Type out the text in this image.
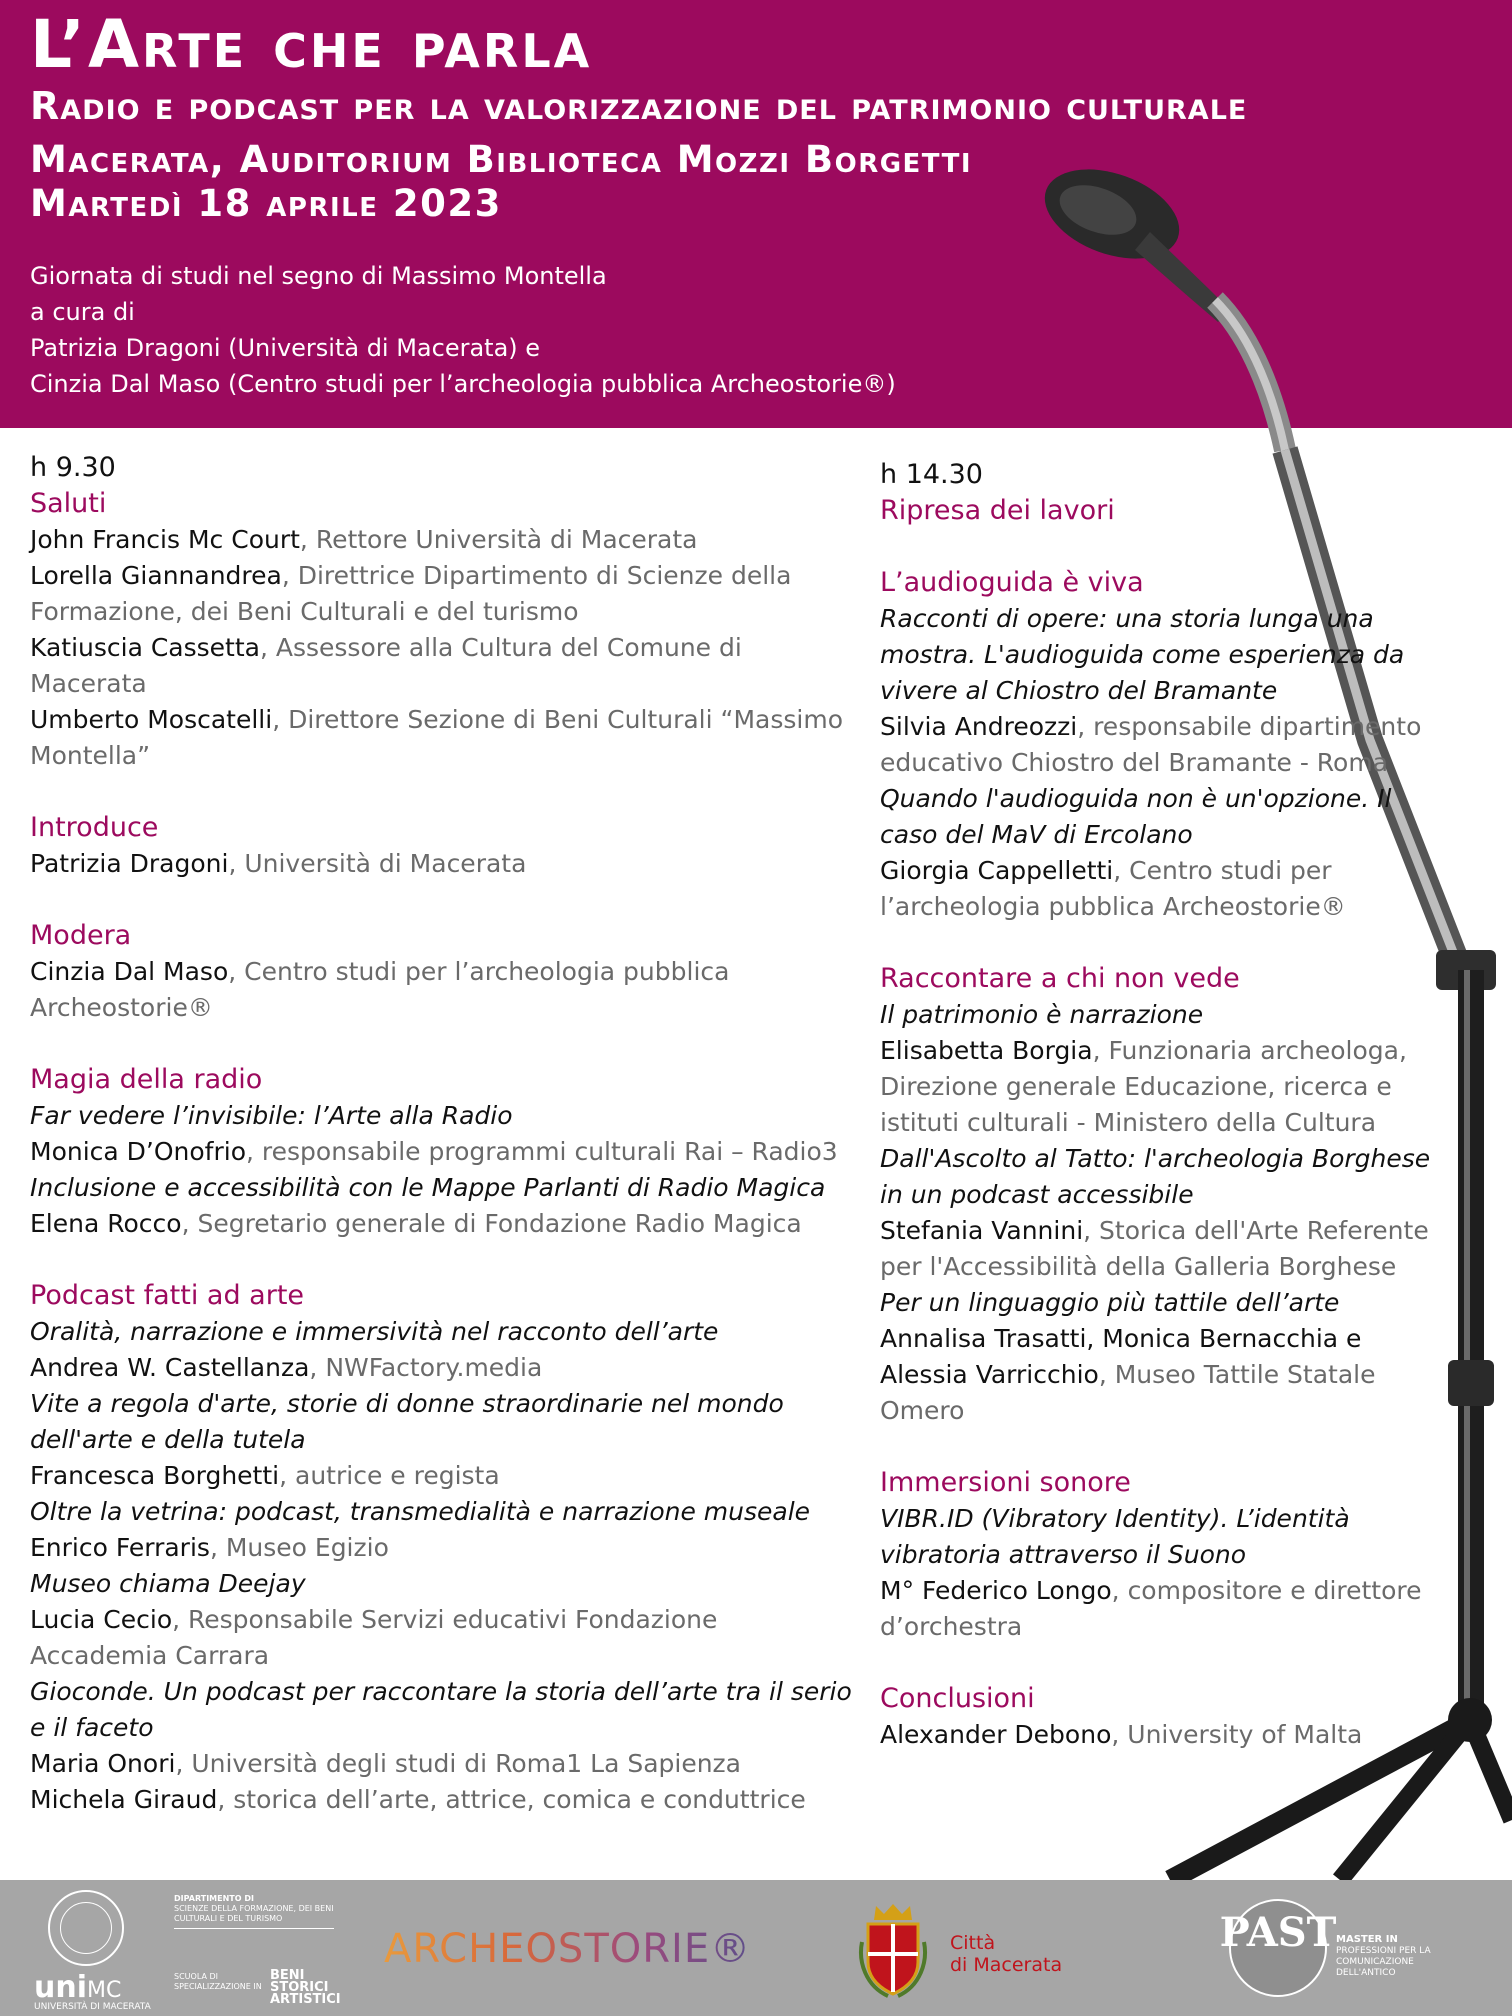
L’Arte che parla
Radio e podcast per la valorizzazione del patrimonio culturale
Macerata, Auditorium Biblioteca Mozzi Borgetti
Martedì 18 aprile 2023
Giornata di studi nel segno di Massimo Montella
a cura di
Patrizia Dragoni (Università di Macerata) e
Cinzia Dal Maso (Centro studi per l’archeologia pubblica Archeostorie®)
h 9.30
Saluti
John Francis Mc Court, Rettore Università di Macerata
Lorella Giannandrea, Direttrice Dipartimento di Scienze della
Formazione, dei Beni Culturali e del turismo
Katiuscia Cassetta, Assessore alla Cultura del Comune di
Macerata
Umberto Moscatelli, Direttore Sezione di Beni Culturali “Massimo
Montella”
Introduce
Patrizia Dragoni, Università di Macerata
Modera
Cinzia Dal Maso, Centro studi per l’archeologia pubblica
Archeostorie®
Magia della radio
Far vedere l’invisibile: l’Arte alla Radio
Monica D’Onofrio, responsabile programmi culturali Rai – Radio3
Inclusione e accessibilità con le Mappe Parlanti di Radio Magica
Elena Rocco, Segretario generale di Fondazione Radio Magica
Podcast fatti ad arte
Oralità, narrazione e immersività nel racconto dell’arte
Andrea W. Castellanza, NWFactory.media
Vite a regola d'arte, storie di donne straordinarie nel mondo
dell'arte e della tutela
Francesca Borghetti, autrice e regista
Oltre la vetrina: podcast, transmedialità e narrazione museale
Enrico Ferraris, Museo Egizio
Museo chiama Deejay
Lucia Cecio, Responsabile Servizi educativi Fondazione
Accademia Carrara
Gioconde. Un podcast per raccontare la storia dell’arte tra il serio
e il faceto
Maria Onori, Università degli studi di Roma1 La Sapienza
Michela Giraud, storica dell’arte, attrice, comica e conduttrice
h 14.30
Ripresa dei lavori
L’audioguida è viva
Racconti di opere: una storia lunga una
mostra. L'audioguida come esperienza da
vivere al Chiostro del Bramante
Silvia Andreozzi, responsabile dipartimento
educativo Chiostro del Bramante - Roma
Quando l'audioguida non è un'opzione. Il
caso del MaV di Ercolano
Giorgia Cappelletti, Centro studi per
l’archeologia pubblica Archeostorie®
Raccontare a chi non vede
Il patrimonio è narrazione
Elisabetta Borgia, Funzionaria archeologa,
Direzione generale Educazione, ricerca e
istituti culturali - Ministero della Cultura
Dall'Ascolto al Tatto: l'archeologia Borghese
in un podcast accessibile
Stefania Vannini, Storica dell'Arte Referente
per l'Accessibilità della Galleria Borghese
Per un linguaggio più tattile dell’arte
Annalisa Trasatti, Monica Bernacchia e
Alessia Varricchio, Museo Tattile Statale
Omero
Immersioni sonore
VIBR.ID (Vibratory Identity). L’identità
vibratoria attraverso il Suono
M° Federico Longo, compositore e direttore
d’orchestra
Conclusioni
Alexander Debono, University of Malta
uniMC
UNIVERSITÀ DI MACERATA
DIPARTIMENTO DI
SCIENZE DELLA FORMAZIONE, DEI BENI CULTURALI E DEL TURISMO
SCUOLA DI SPECIALIZZAZIONE IN
BENI STORICI ARTISTICI
ARCHEOSTORIE®	Città
di Macerata
PAST MASTER IN
PROFESSIONI PER LA COMUNICAZIONE DELL'ANTICO
